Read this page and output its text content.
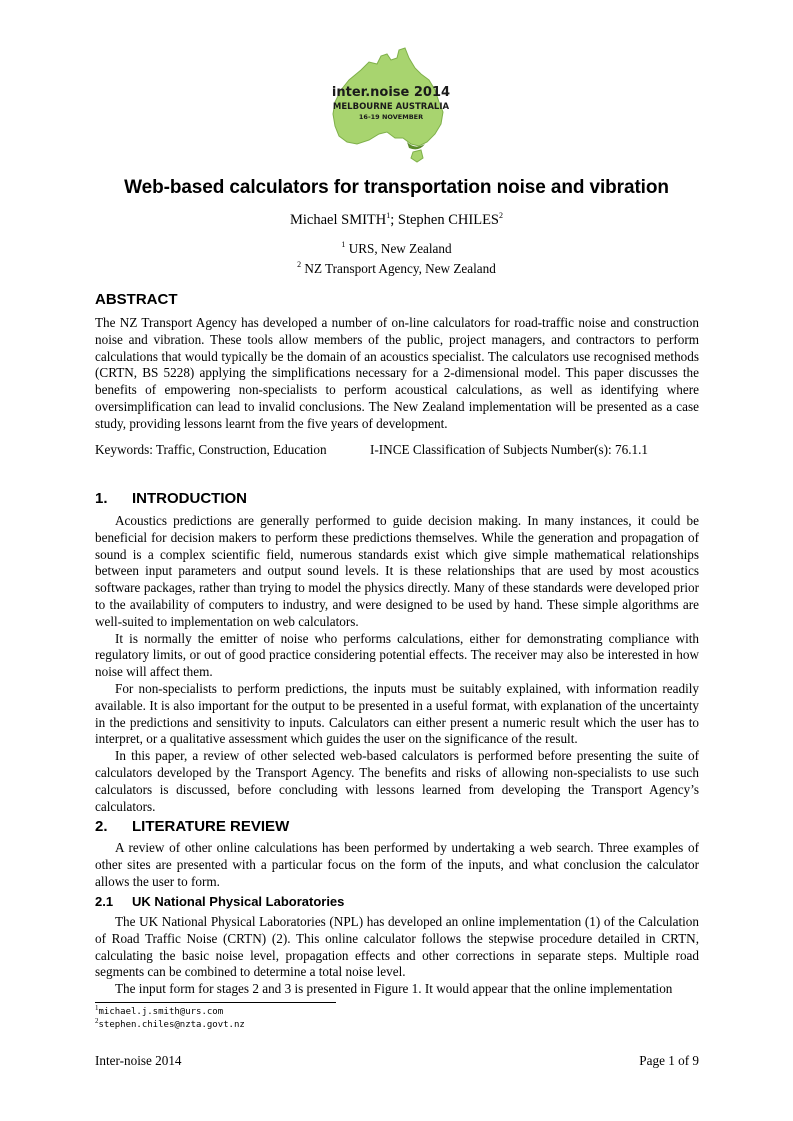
inter.noise 2014
MELBOURNE AUSTRALIA
16-19 NOVEMBER
Web-based calculators for transportation noise and vibration
Michael SMITH$^1$; Stephen CHILES$^2$
$^1$ URS, New Zealand
$^2$ NZ Transport Agency, New Zealand
ABSTRACT
The NZ Transport Agency has developed a number of on-line calculators for road-traffic noise and construction noise and vibration. These tools allow members of the public, project managers, and contractors to perform calculations that would typically be the domain of an acoustics specialist. The calculators use recognised methods (CRTN, BS 5228) applying the simplifications necessary for a 2-dimensional model. This paper discusses the benefits of empowering non-specialists to perform acoustical calculations, as well as identifying where oversimplification can lead to invalid conclusions. The New Zealand implementation will be presented as a case study, providing lessons learnt from the five years of development.
Keywords: Traffic, Construction, Education	I-INCE Classification of Subjects Number(s): 76.1.1
1. INTRODUCTION

Acoustics predictions are generally performed to guide decision making. In many instances, it could be beneficial for decision makers to perform these predictions themselves. While the generation and propagation of sound is a complex scientific field, numerous standards exist which give simple mathematical relationships between input parameters and output sound levels. It is these relationships that are used by most acoustics software packages, rather than trying to model the physics directly. Many of these standards were developed prior to the availability of computers to industry, and were designed to be used by hand. These simple algorithms are well-suited to implementation on web calculators.

It is normally the emitter of noise who performs calculations, either for demonstrating compliance with regulatory limits, or out of good practice considering potential effects. The receiver may also be interested in how noise will affect them.

For non-specialists to perform predictions, the inputs must be suitably explained, with information readily available. It is also important for the output to be presented in a useful format, with explanation of the uncertainty in the predictions and sensitivity to inputs. Calculators can either present a numeric result which the user has to interpret, or a qualitative assessment which guides the user on the significance of the result.

In this paper, a review of other selected web-based calculators is performed before presenting the suite of calculators developed by the Transport Agency. The benefits and risks of allowing non-specialists to use such calculators is discussed, before concluding with lessons learned from developing the Transport Agency’s calculators.

2. LITERATURE REVIEW
A review of other online calculations has been performed by undertaking a web search. Three examples of other sites are presented with a particular focus on the form of the inputs, and what conclusion the calculator allows the user to form.
2.1 UK National Physical Laboratories

The UK National Physical Laboratories (NPL) has developed an online implementation (1) of the Calculation of Road Traffic Noise (CRTN) (2). This online calculator follows the stepwise procedure detailed in CRTN, calculating the basic noise level, propagation effects and other corrections in separate steps. Multiple road segments can be combined to determine a total noise level.

The input form for stages 2 and 3 is presented in Figure 1. It would appear that the online implementation

$^1$michael.j.smith@urs.com
$^2$stephen.chiles@nzta.govt.nz
Inter-noise 2014	Page 1 of 9
